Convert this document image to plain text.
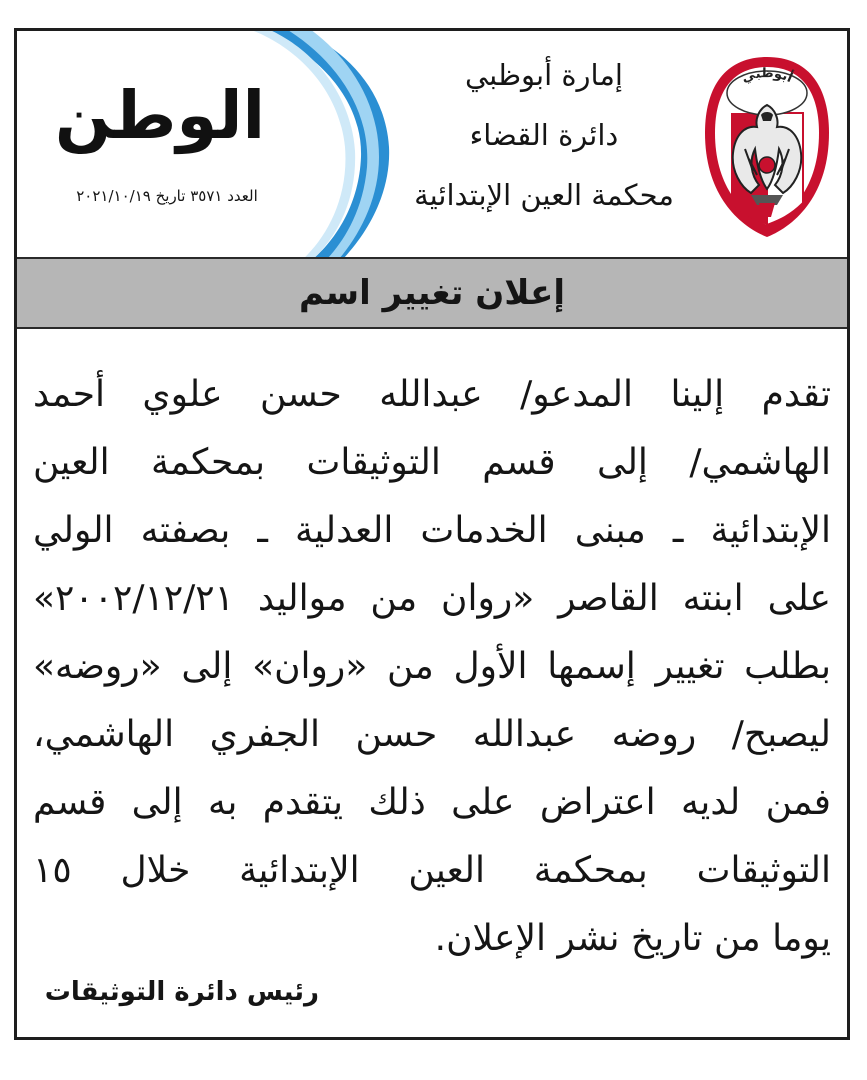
أبوظبي
إمارة أبوظبي
دائرة القضاء
محكمة العين الإبتدائية
الوطن
العدد ٣٥٧١ تاريخ ٢٠٢١/١٠/١٩
إعلان تغيير اسم
تقدم إلينا المدعو/ عبدالله حسن علوي أحمد
الهاشمي/ إلى قسم التوثيقات بمحكمة العين
الإبتدائية ـ مبنى الخدمات العدلية ـ بصفته الولي
على ابنته القاصر «روان من مواليد ٢٠٠٢/١٢/٢١»
بطلب تغيير إسمها الأول من «روان» إلى «روضه»
ليصبح/ روضه عبدالله حسن الجفري الهاشمي،
فمن لديه اعتراض على ذلك يتقدم به إلى قسم
التوثيقات بمحكمة العين الإبتدائية خلال ١٥
يوما من تاريخ نشر الإعلان.
رئيس دائرة التوثيقات
